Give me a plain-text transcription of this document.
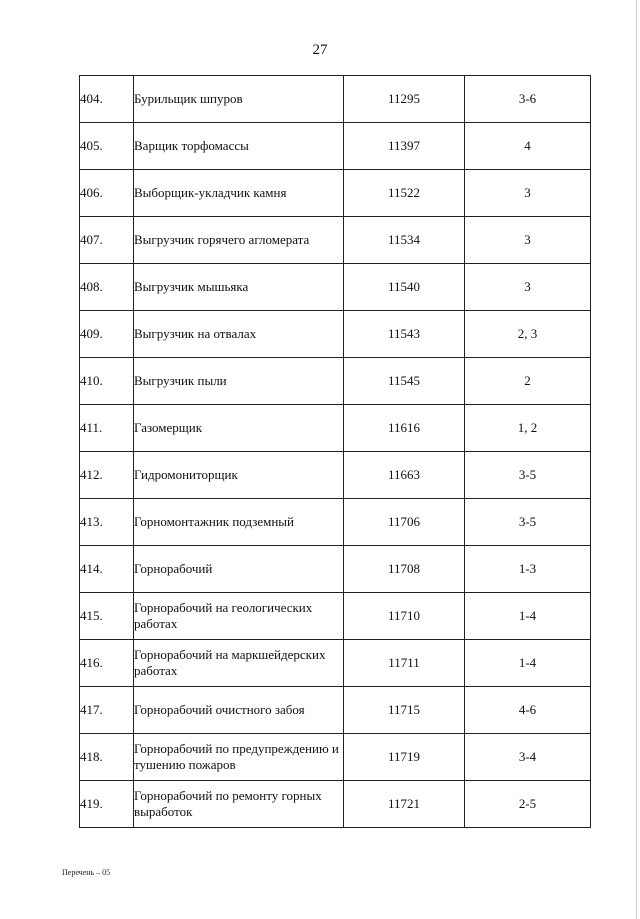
27
404.	Бурильщик шпуров	11295	3-6
405.	Варщик торфомассы	11397	4
406.	Выборщик-укладчик камня	11522	3
407.	Выгрузчик горячего агломерата	11534	3
408.	Выгрузчик мышьяка	11540	3
409.	Выгрузчик на отвалах	11543	2, 3
410.	Выгрузчик пыли	11545	2
411.	Газомерщик	11616	1, 2
412.	Гидромониторщик	11663	3-5
413.	Горномонтажник подземный	11706	3-5
414.	Горнорабочий	11708	1-3
415.	Горнорабочий на геологических работах	11710	1-4
416.	Горнорабочий на маркшейдерских работах	11711	1-4
417.	Горнорабочий очистного забоя	11715	4-6
418.	Горнорабочий по предупреждению и тушению пожаров	11719	3-4
419.	Горнорабочий по ремонту горных выработок	11721	2-5
Перечень – 05
